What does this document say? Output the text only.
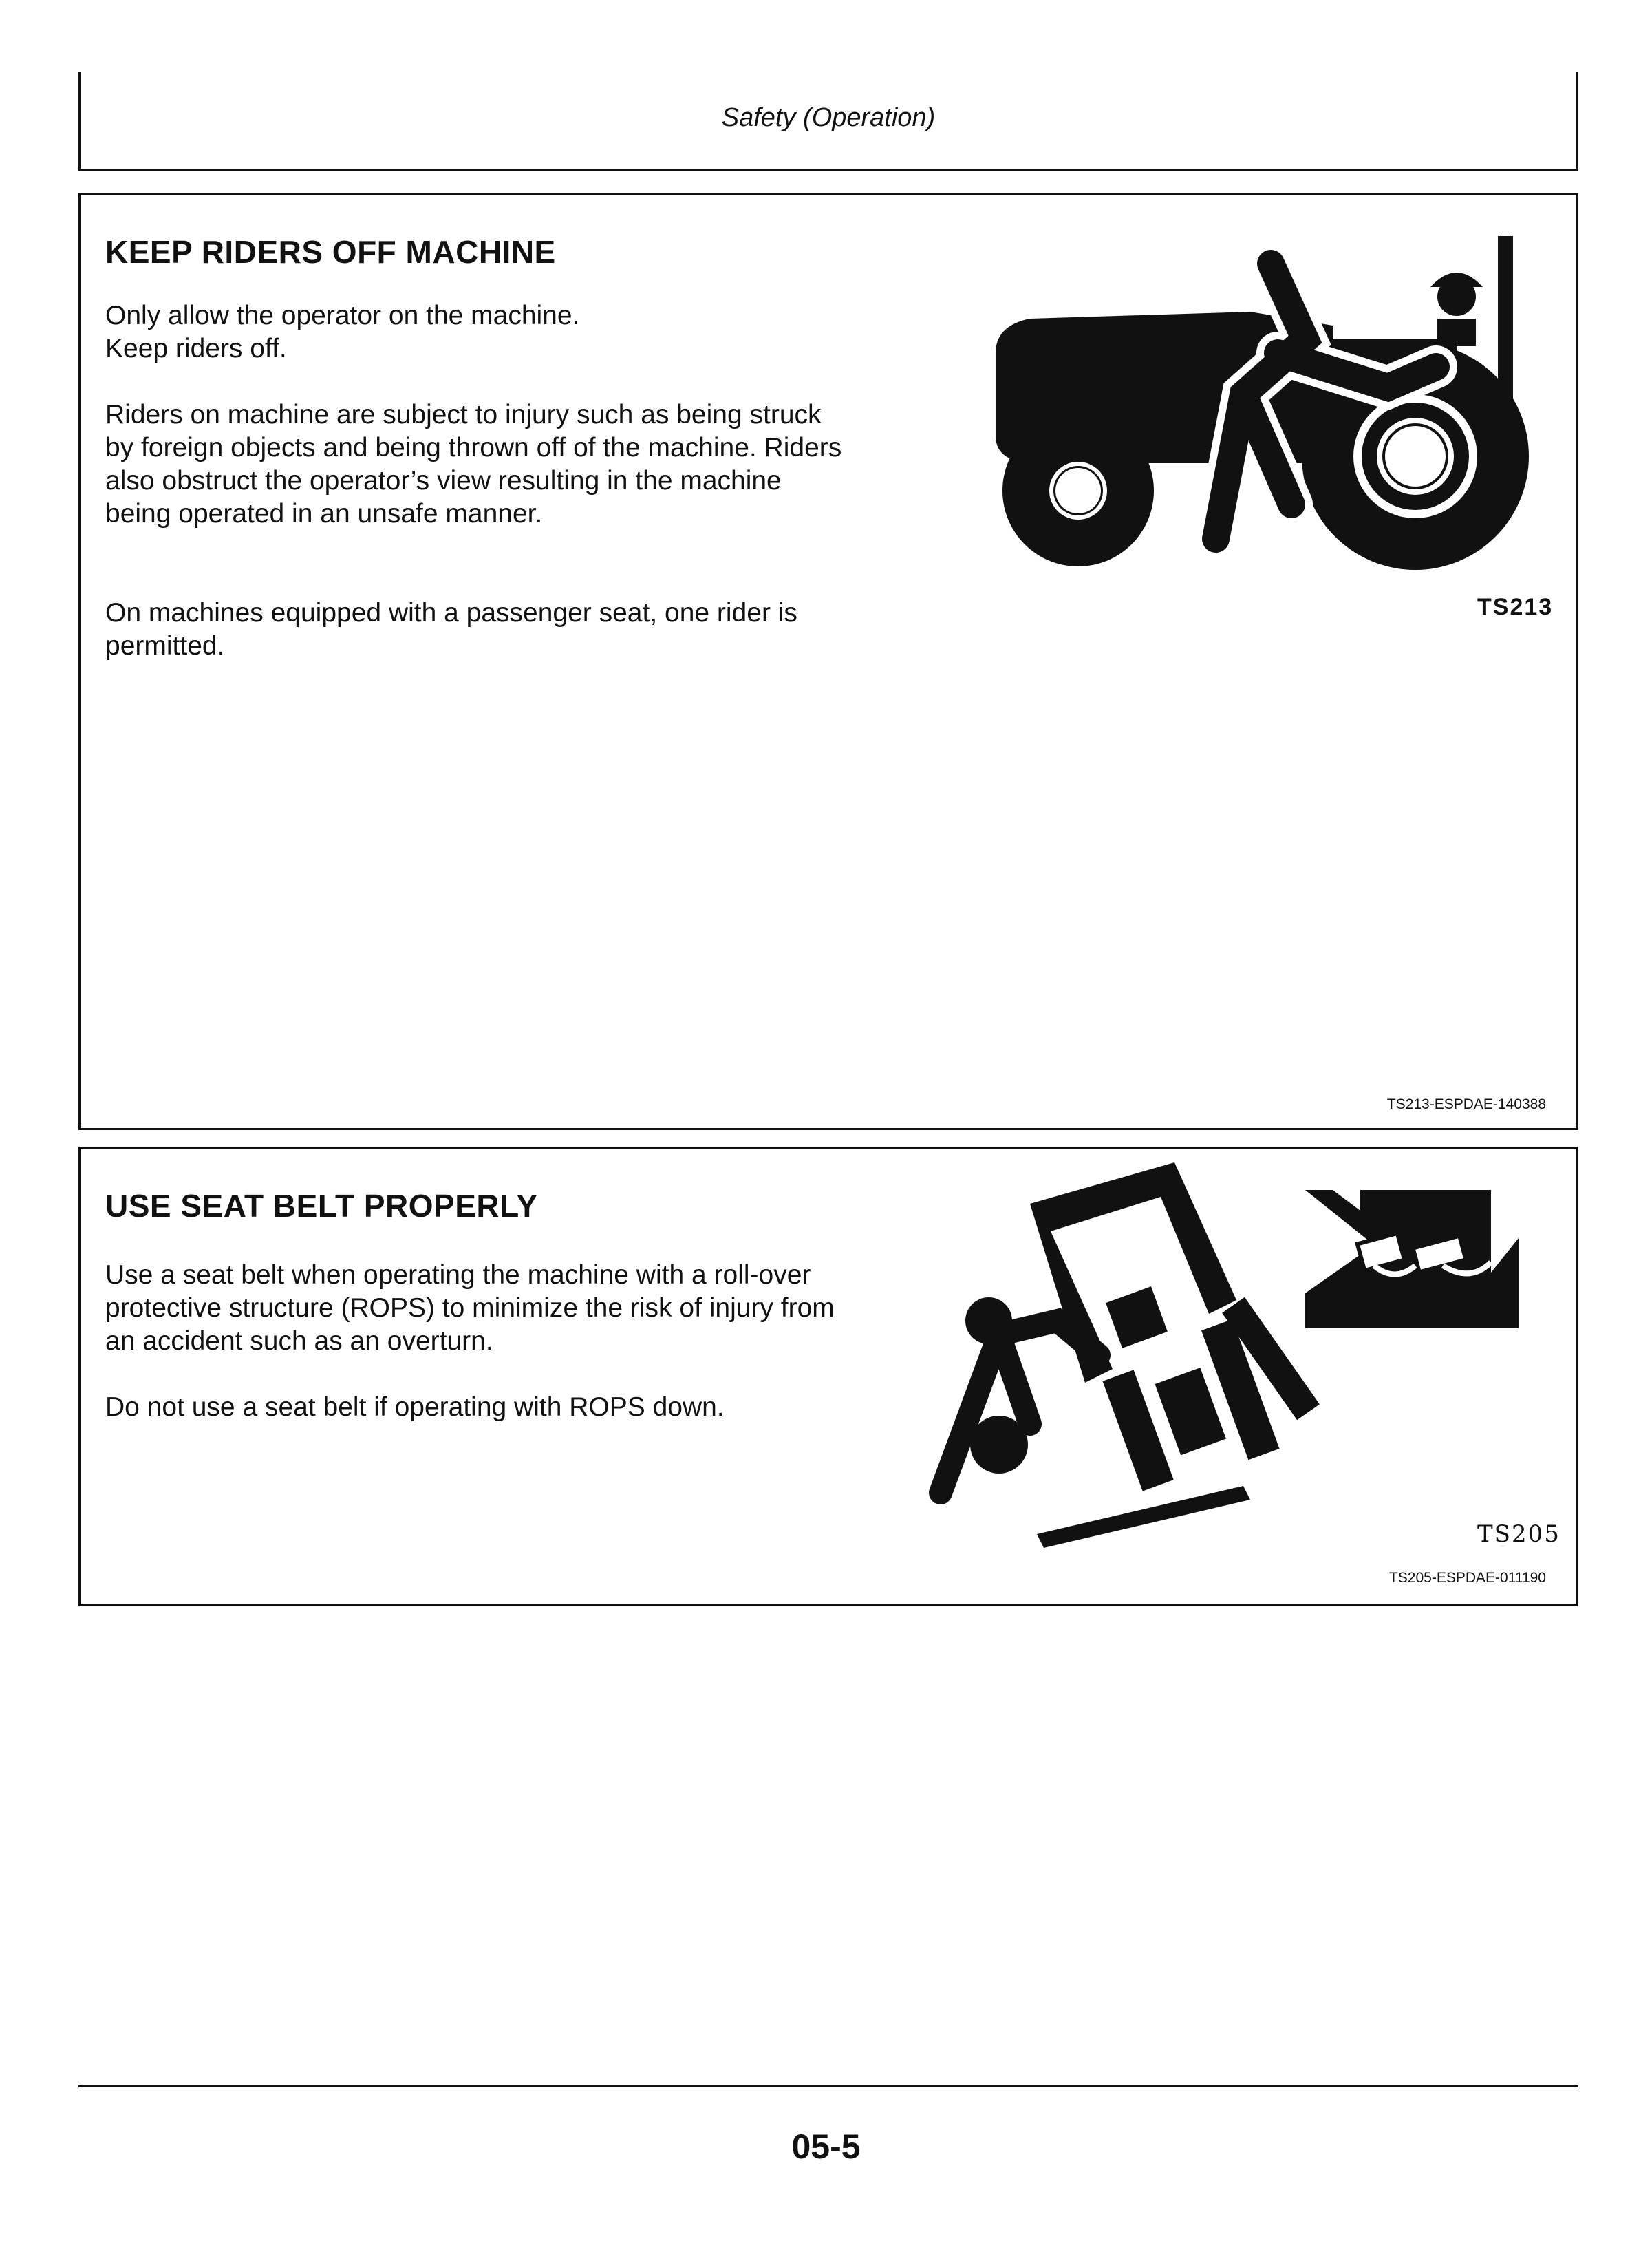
Safety (Operation)
KEEP RIDERS OFF MACHINE

Only allow the operator on the machine.
Keep riders off.

Riders on machine are subject to injury such as being struck by foreign objects and being thrown off of the machine. Riders also obstruct the operator’s view resulting in the machine being operated in an unsafe manner.

On machines equipped with a passenger seat, one rider is permitted.

TS213
TS213-ESPDAE-140388
USE SEAT BELT PROPERLY

Use a seat belt when operating the machine with a roll-over protective structure (ROPS) to minimize the risk of injury from an accident such as an overturn.

Do not use a seat belt if operating with ROPS down.

TS205
TS205-ESPDAE-011190
05-5
